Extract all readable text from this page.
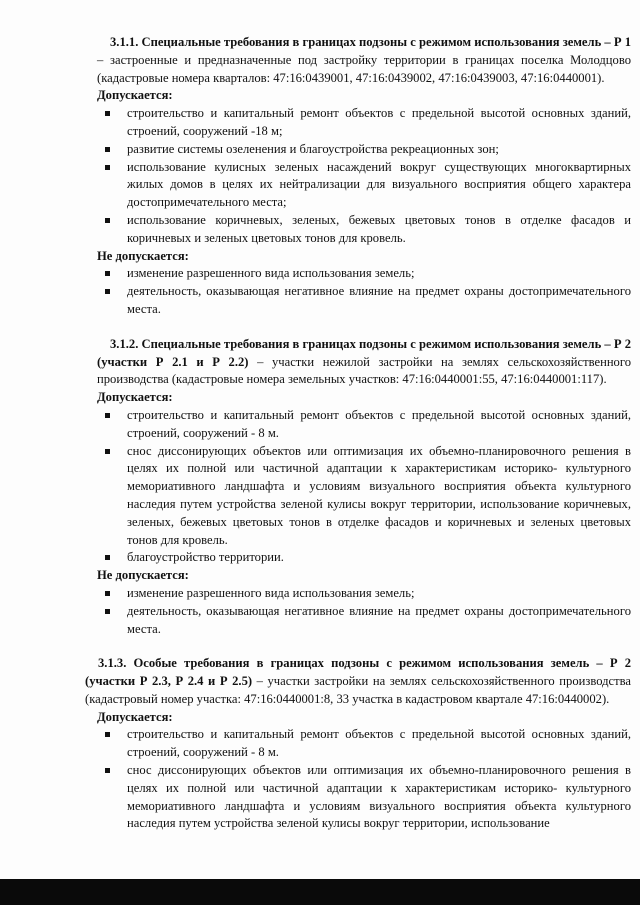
3.1.1. Специальные требования в границах подзоны с режимом использования земель – Р 1 – застроенные и предназначенные под застройку территории в границах поселка Молодцово (кадастровые номера кварталов: 47:16:0439001, 47:16:0439002, 47:16:0439003, 47:16:0440001).

Допускается:

строительство и капитальный ремонт объектов с предельной высотой основных зданий, строений, сооружений -18 м;
развитие системы озеленения и благоустройства рекреационных зон;
использование кулисных зеленых насаждений вокруг существующих многоквартирных жилых домов в целях их нейтрализации для визуального восприятия общего характера достопримечательного места;
использование коричневых, зеленых, бежевых цветовых тонов в отделке фасадов и коричневых и зеленых цветовых тонов для кровель.

Не допускается:

изменение разрешенного вида использования земель;
деятельность, оказывающая негативное влияние на предмет охраны достопримечательного места.

3.1.2. Специальные требования в границах подзоны с режимом использования земель – Р 2 (участки Р 2.1 и Р 2.2) – участки нежилой застройки на землях сельскохозяйственного производства (кадастровые номера земельных участков: 47:16:0440001:55, 47:16:0440001:117).

Допускается:

строительство и капитальный ремонт объектов с предельной высотой основных зданий, строений, сооружений - 8 м.
снос диссонирующих объектов или оптимизация их объемно-планировочного решения в целях их полной или частичной адаптации к характеристикам историко- культурного мемориативного ландшафта и условиям визуального восприятия объекта культурного наследия путем устройства зеленой кулисы вокруг территории, использование коричневых, зеленых, бежевых цветовых тонов в отделке фасадов и коричневых и зеленых цветовых тонов для кровель.
благоустройство территории.

Не допускается:

изменение разрешенного вида использования земель;
деятельность, оказывающая негативное влияние на предмет охраны достопримечательного места.

3.1.3. Особые требования в границах подзоны с режимом использования земель – Р 2 (участки Р 2.3, Р 2.4 и Р 2.5) – участки застройки на землях сельскохозяйственного производства (кадастровый номер участка: 47:16:0440001:8, 33 участка в кадастровом квартале 47:16:0440002).

Допускается:

строительство и капитальный ремонт объектов с предельной высотой основных зданий, строений, сооружений - 8 м.
снос диссонирующих объектов или оптимизация их объемно-планировочного решения в целях их полной или частичной адаптации к характеристикам историко- культурного мемориативного ландшафта и условиям визуального восприятия объекта культурного наследия путем устройства зеленой кулисы вокруг территории, использование
